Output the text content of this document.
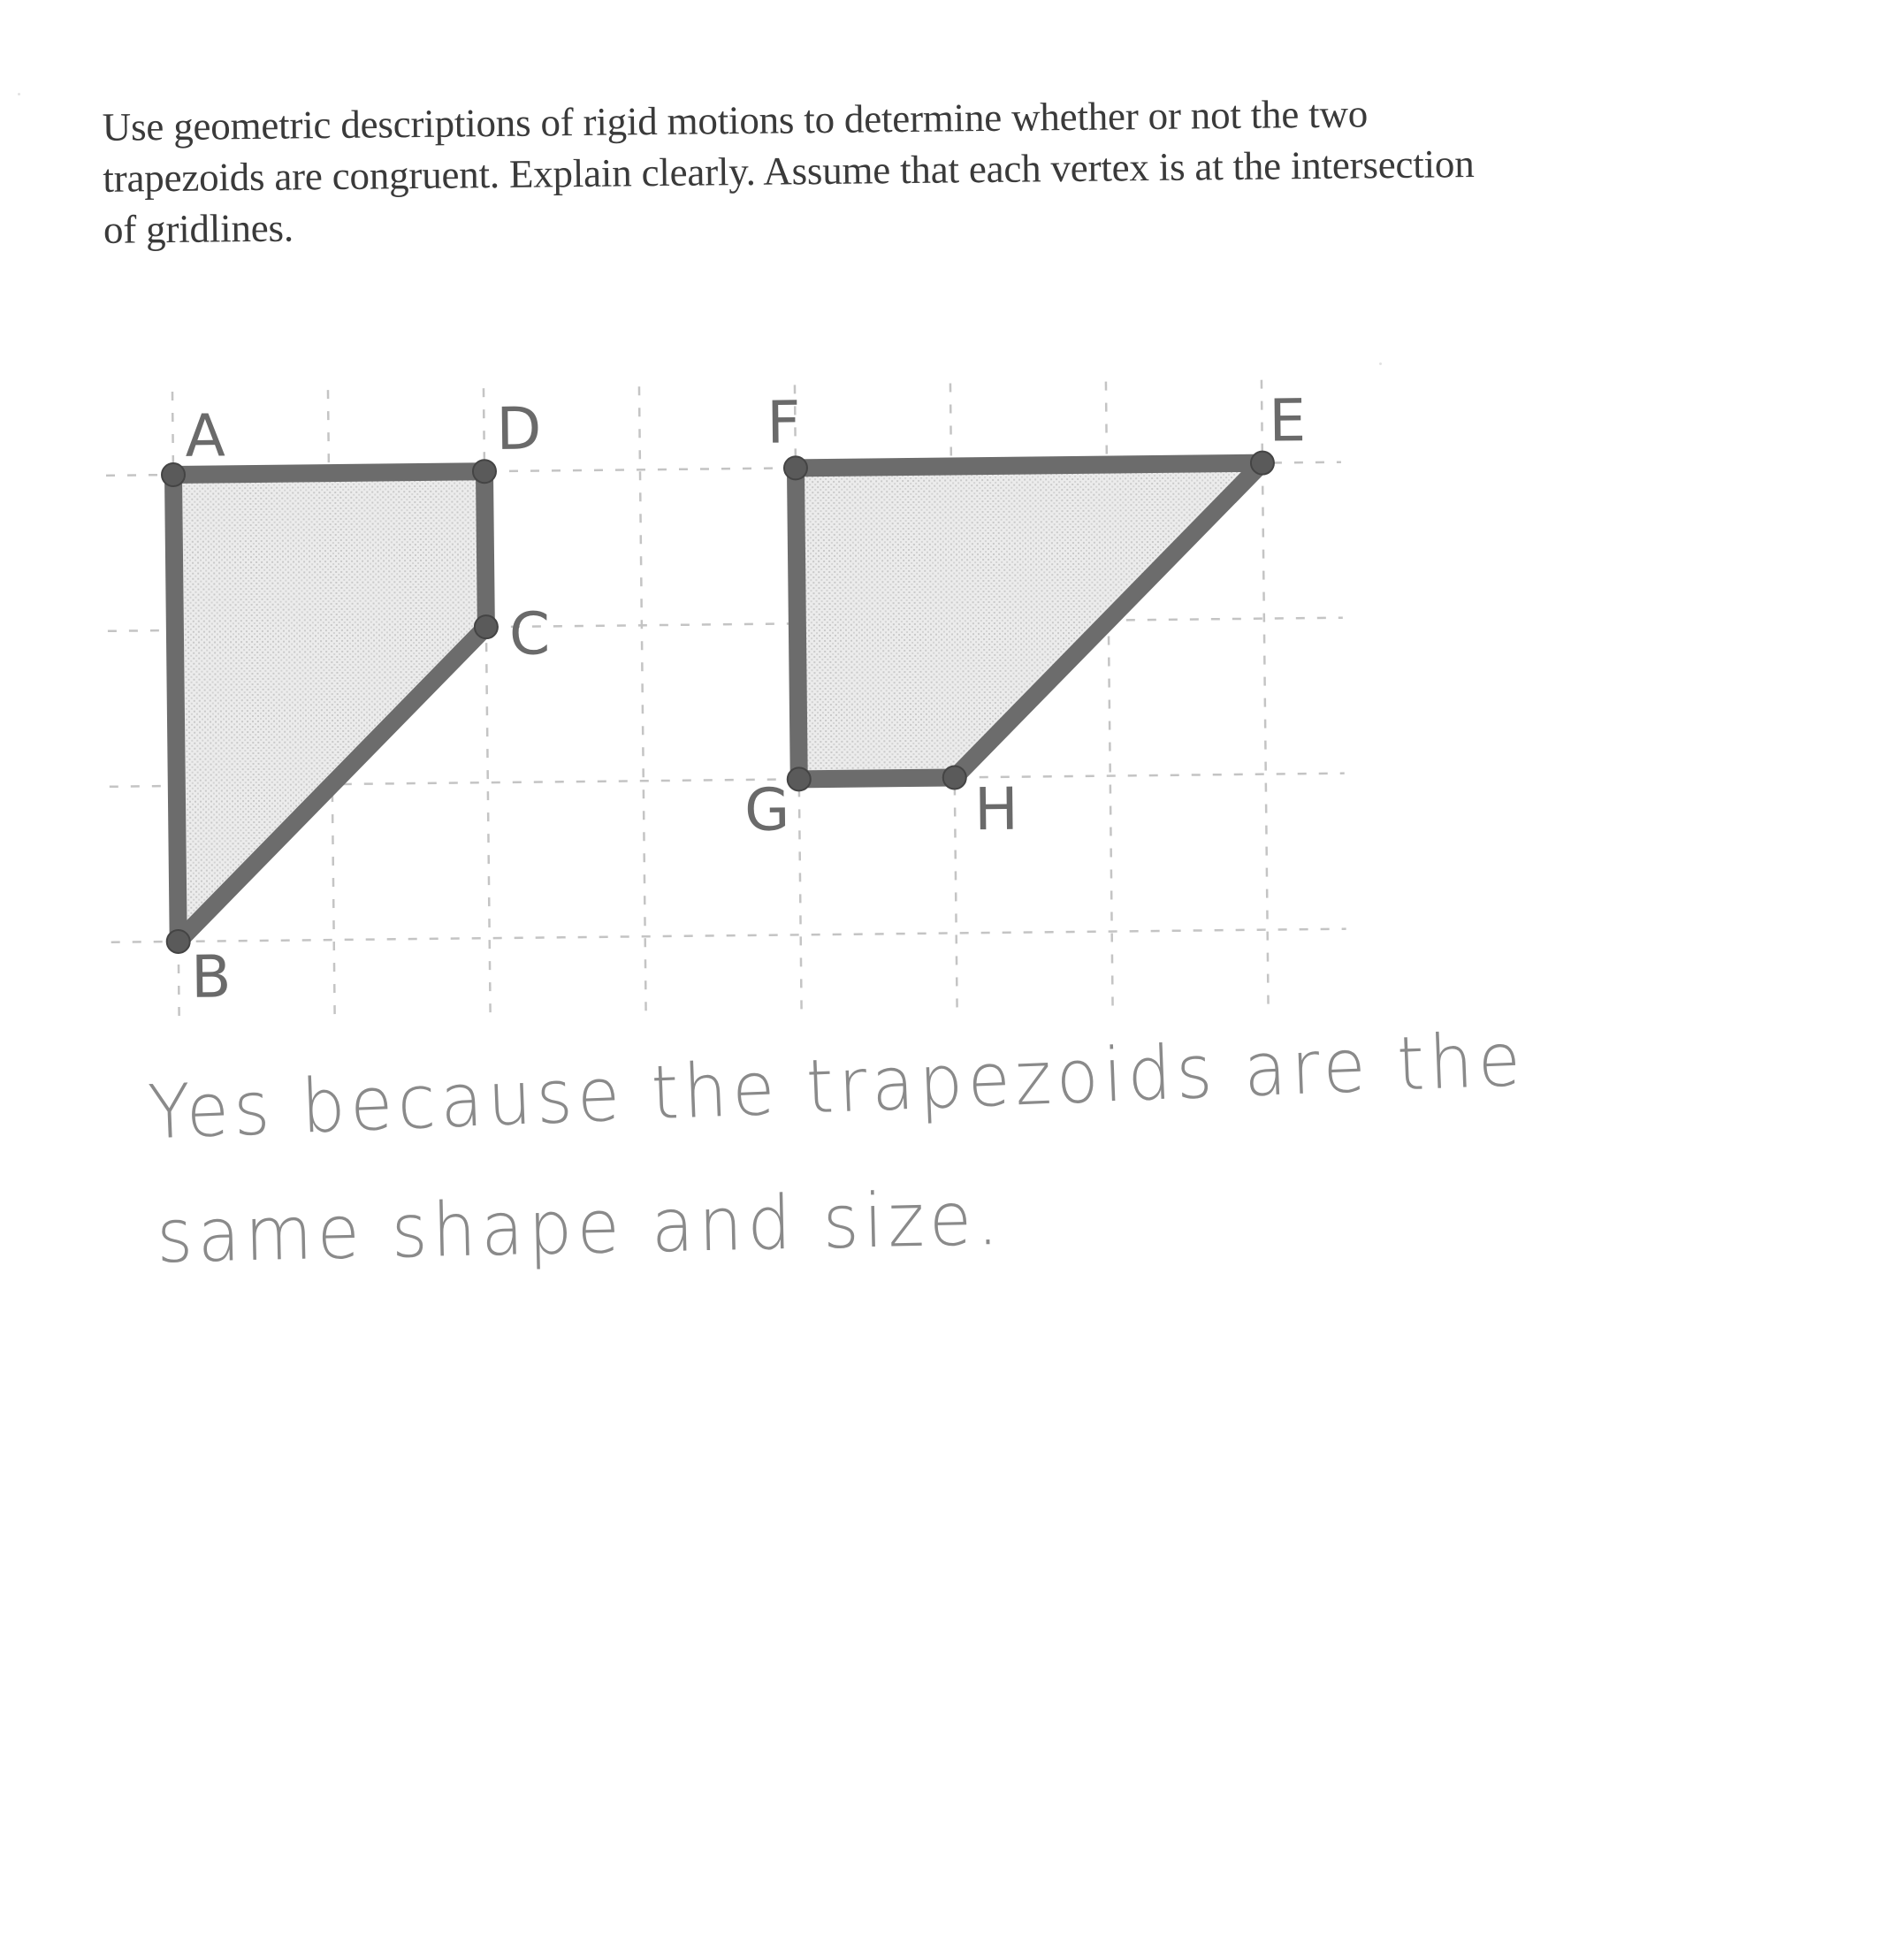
Use geometric descriptions of rigid motions to determine whether or not the two
trapezoids are congruent. Explain clearly. Assume that each vertex is at the intersection
of gridlines.
A	D
C
B
F	E
G	H
Yes because the trapezoids are the
same shape and size.
